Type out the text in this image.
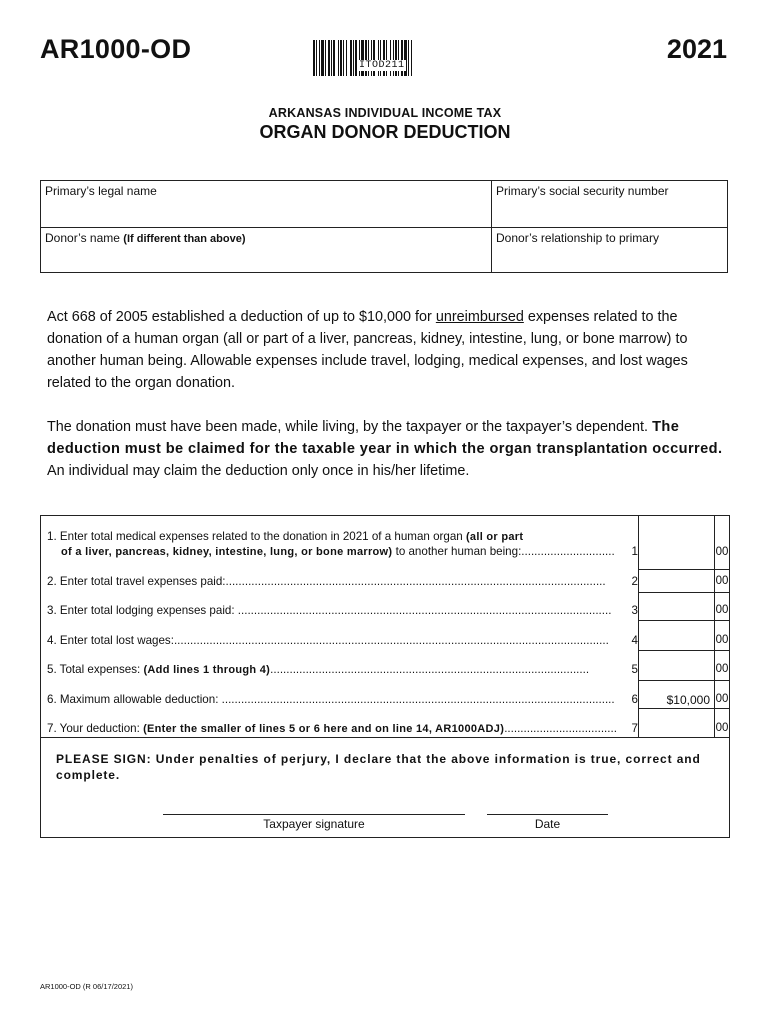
AR1000-OD	2021
ITOD211
ARKANSAS INDIVIDUAL INCOME TAX
ORGAN DONOR DEDUCTION
Primary’s legal name	Primary’s social security number
Donor’s name (If different than above)	Donor’s relationship to primary
Act 668 of 2005 established a deduction of up to $10,000 for unreimbursed expenses related to the donation of a human organ (all or part of a liver, pancreas, kidney, intestine, lung, or bone marrow) to another human being. Allowable expenses include travel, lodging, medical expenses, and lost wages related to the organ donation.
The donation must have been made, while living, by the taxpayer or the taxpayer’s dependent. The deduction must be claimed for the taxable year in which the organ transplantation occurred. An individual may claim the deduction only once in his/her lifetime.
1. Enter total medical expenses related to the donation in 2021 of a human organ (all or part
of a liver, pancreas, kidney, intestine, lung, or bone marrow) to another human being:............................. 1	00
2. Enter total travel expenses paid:...................................................................................................................... 2	00
3. Enter total lodging expenses paid: .................................................................................................................... 3	00
4. Enter total lost wages:....................................................................................................................................... 4	00
5. Total expenses: (Add lines 1 through 4)...................................................................................................	5	00
6. Maximum allowable deduction: .......................................................................................................................... 6	$10,000 00
7. Your deduction: (Enter the smaller of lines 5 or 6 here and on line 14, AR1000ADJ)................................... 7	00
PLEASE SIGN: Under penalties of perjury, I declare that the above information is true, correct and complete.
Taxpayer signature	Date
AR1000-OD (R 06/17/2021)
